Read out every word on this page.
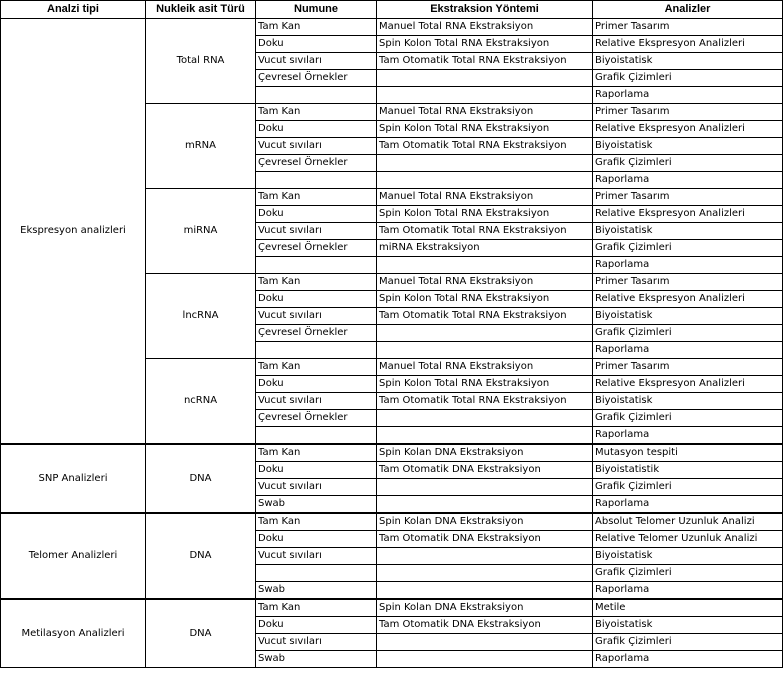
Analzi tipi	Nukleik asit Türü	Numune	Ekstraksion Yöntemi	Analizler
Ekspresyon analizleri	Total RNA	Tam Kan	Manuel Total RNA Ekstraksiyon	Primer Tasarım
		Doku	Spin Kolon Total RNA Ekstraksiyon	Relative Ekspresyon Analizleri
		Vucut sıvıları	Tam Otomatik Total RNA Ekstraksiyon	Biyoistatisk
		Çevresel Örnekler		Grafik Çizimleri
				Raporlama
	mRNA	Tam Kan	Manuel Total RNA Ekstraksiyon	Primer Tasarım
		Doku	Spin Kolon Total RNA Ekstraksiyon	Relative Ekspresyon Analizleri
		Vucut sıvıları	Tam Otomatik Total RNA Ekstraksiyon	Biyoistatisk
		Çevresel Örnekler		Grafik Çizimleri
				Raporlama
	miRNA	Tam Kan	Manuel Total RNA Ekstraksiyon	Primer Tasarım
		Doku	Spin Kolon Total RNA Ekstraksiyon	Relative Ekspresyon Analizleri
		Vucut sıvıları	Tam Otomatik Total RNA Ekstraksiyon	Biyoistatisk
		Çevresel Örnekler	miRNA Ekstraksiyon	Grafik Çizimleri
				Raporlama
	lncRNA	Tam Kan	Manuel Total RNA Ekstraksiyon	Primer Tasarım
		Doku	Spin Kolon Total RNA Ekstraksiyon	Relative Ekspresyon Analizleri
		Vucut sıvıları	Tam Otomatik Total RNA Ekstraksiyon	Biyoistatisk
		Çevresel Örnekler		Grafik Çizimleri
				Raporlama
	ncRNA	Tam Kan	Manuel Total RNA Ekstraksiyon	Primer Tasarım
		Doku	Spin Kolon Total RNA Ekstraksiyon	Relative Ekspresyon Analizleri
		Vucut sıvıları	Tam Otomatik Total RNA Ekstraksiyon	Biyoistatisk
		Çevresel Örnekler		Grafik Çizimleri
				Raporlama
SNP Analizleri	DNA	Tam Kan	Spin Kolan DNA Ekstraksiyon	Mutasyon tespiti
		Doku	Tam Otomatik DNA Ekstraksiyon	Biyoistatistik
		Vucut sıvıları		Grafik Çizimleri
		Swab		Raporlama
Telomer Analizleri	DNA	Tam Kan	Spin Kolan DNA Ekstraksiyon	Absolut Telomer Uzunluk Analizi
		Doku	Tam Otomatik DNA Ekstraksiyon	Relative Telomer Uzunluk Analizi
		Vucut sıvıları		Biyoistatisk
				Grafik Çizimleri
		Swab		Raporlama
Metilasyon Analizleri	DNA	Tam Kan	Spin Kolan DNA Ekstraksiyon	Metile
		Doku	Tam Otomatik DNA Ekstraksiyon	Biyoistatisk
		Vucut sıvıları		Grafik Çizimleri
		Swab		Raporlama
